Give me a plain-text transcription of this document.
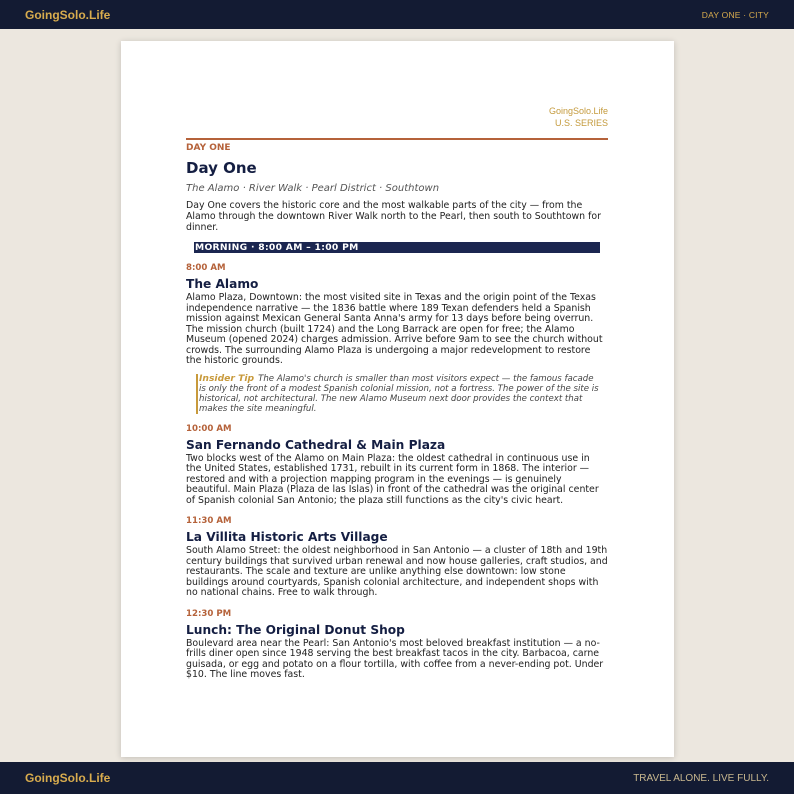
GoingSolo.Life	DAY ONE · CITY
GoingSolo.Life
U.S. SERIES
DAY ONE
Day One
The Alamo · River Walk · Pearl District · Southtown

Day One covers the historic core and the most walkable parts of the city — from the Alamo through the downtown River Walk north to the Pearl, then south to Southtown for dinner.

MORNING · 8:00 AM – 1:00 PM
8:00 AM
The Alamo

Alamo Plaza, Downtown: the most visited site in Texas and the origin point of the Texas independence narrative — the 1836 battle where 189 Texan defenders held a Spanish mission against Mexican General Santa Anna's army for 13 days before being overrun. The mission church (built 1724) and the Long Barrack are open for free; the Alamo Museum (opened 2024) charges admission. Arrive before 9am to see the church without crowds. The surrounding Alamo Plaza is undergoing a major redevelopment to restore the historic grounds.

Insider Tip The Alamo's church is smaller than most visitors expect — the famous facade is only the front of a modest Spanish colonial mission, not a fortress. The power of the site is historical, not architectural. The new Alamo Museum next door provides the context that makes the site meaningful.

10:00 AM
San Fernando Cathedral & Main Plaza

Two blocks west of the Alamo on Main Plaza: the oldest cathedral in continuous use in the United States, established 1731, rebuilt in its current form in 1868. The interior — restored and with a projection mapping program in the evenings — is genuinely beautiful. Main Plaza (Plaza de las Islas) in front of the cathedral was the original center of Spanish colonial San Antonio; the plaza still functions as the city's civic heart.

11:30 AM
La Villita Historic Arts Village

South Alamo Street: the oldest neighborhood in San Antonio — a cluster of 18th and 19th century buildings that survived urban renewal and now house galleries, craft studios, and restaurants. The scale and texture are unlike anything else downtown: low stone buildings around courtyards, Spanish colonial architecture, and independent shops with no national chains. Free to walk through.

12:30 PM
Lunch: The Original Donut Shop

Boulevard area near the Pearl: San Antonio's most beloved breakfast institution — a no-frills diner open since 1948 serving the best breakfast tacos in the city. Barbacoa, carne guisada, or egg and potato on a flour tortilla, with coffee from a never-ending pot. Under $10. The line moves fast.

GoingSolo.Life	TRAVEL ALONE. LIVE FULLY.
